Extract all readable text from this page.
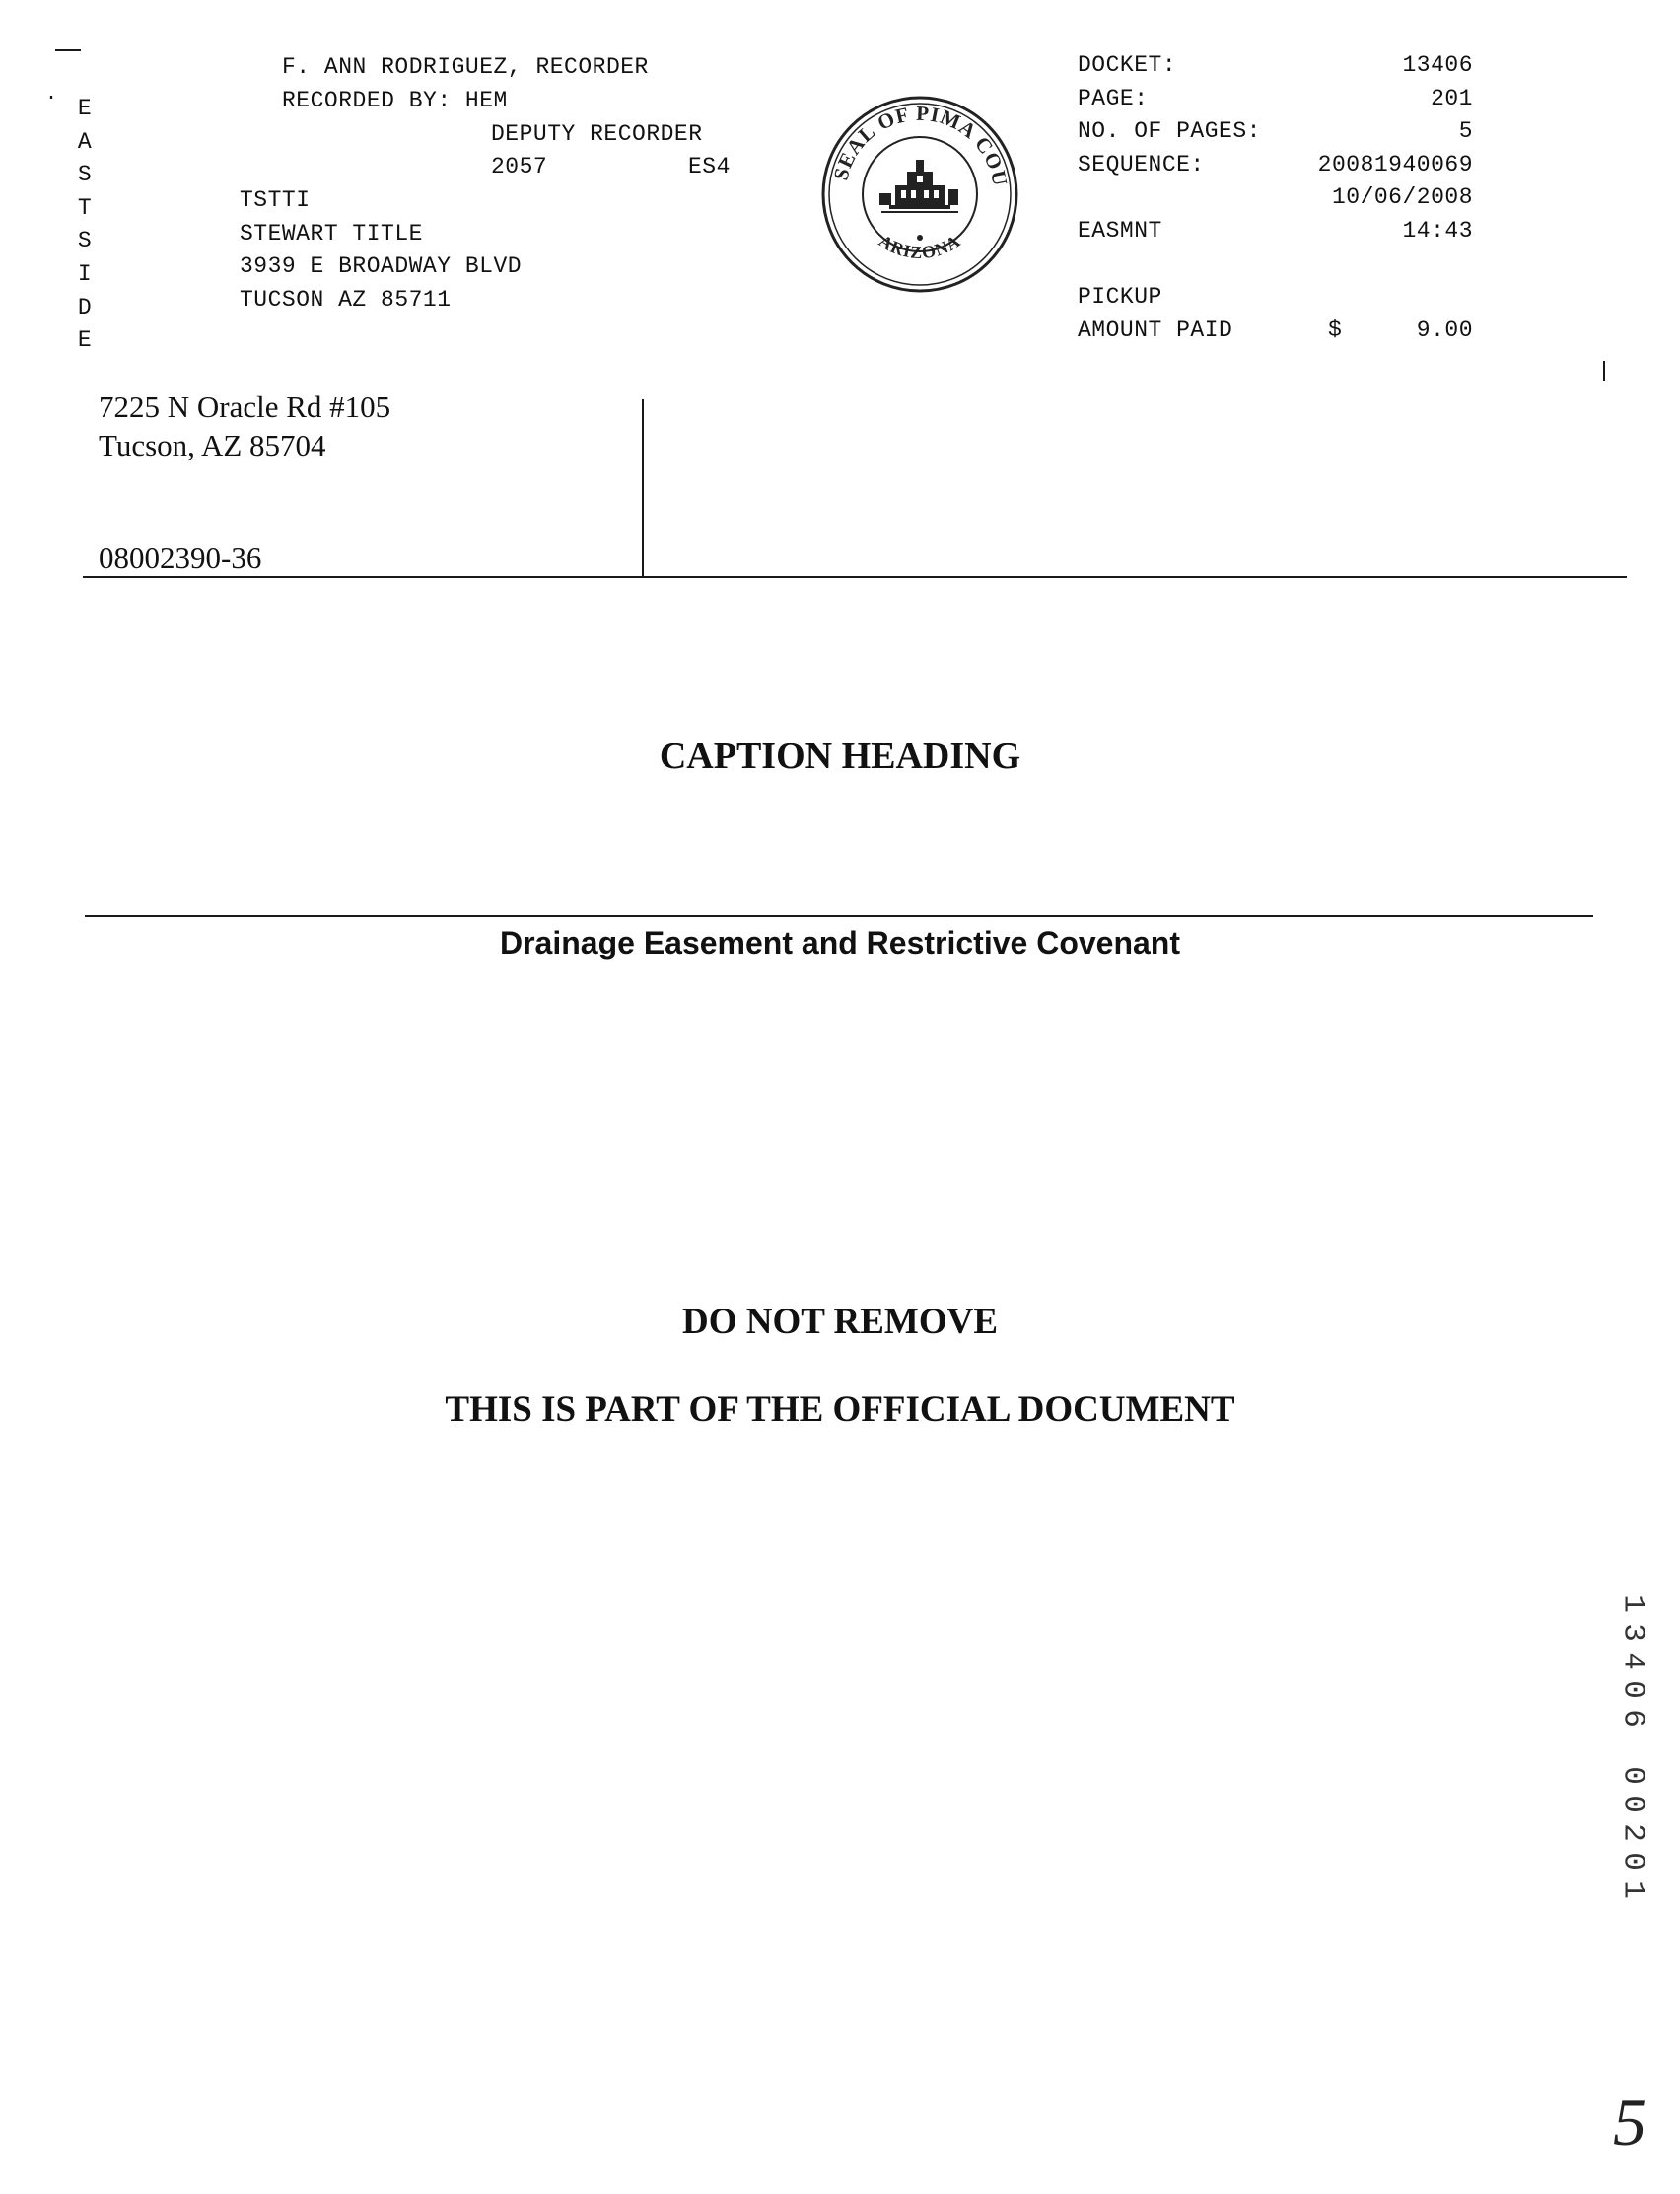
· E
A
S
T
S
I
D
E
F. ANN RODRIGUEZ, RECORDER
RECORDED BY: HEM
DEPUTY RECORDER
2057	ES4
TSTTI
STEWART TITLE
3939 E BROADWAY BLVD
TUCSON AZ 85711
SEAL OF PIMA COU
ARIZONA
DOCKET:	13406
PAGE:	201
NO. OF PAGES:	5
SEQUENCE:	20081940069
10/06/2008
EASMNT	14:43
PICKUP
AMOUNT PAID	$	9.00
7225 N Oracle Rd #105
Tucson, AZ 85704
08002390-36
CAPTION HEADING
Drainage Easement and Restrictive Covenant
DO NOT REMOVE
THIS IS PART OF THE OFFICIAL DOCUMENT
1
3
4
0
6

0
0
2
0
1
5
